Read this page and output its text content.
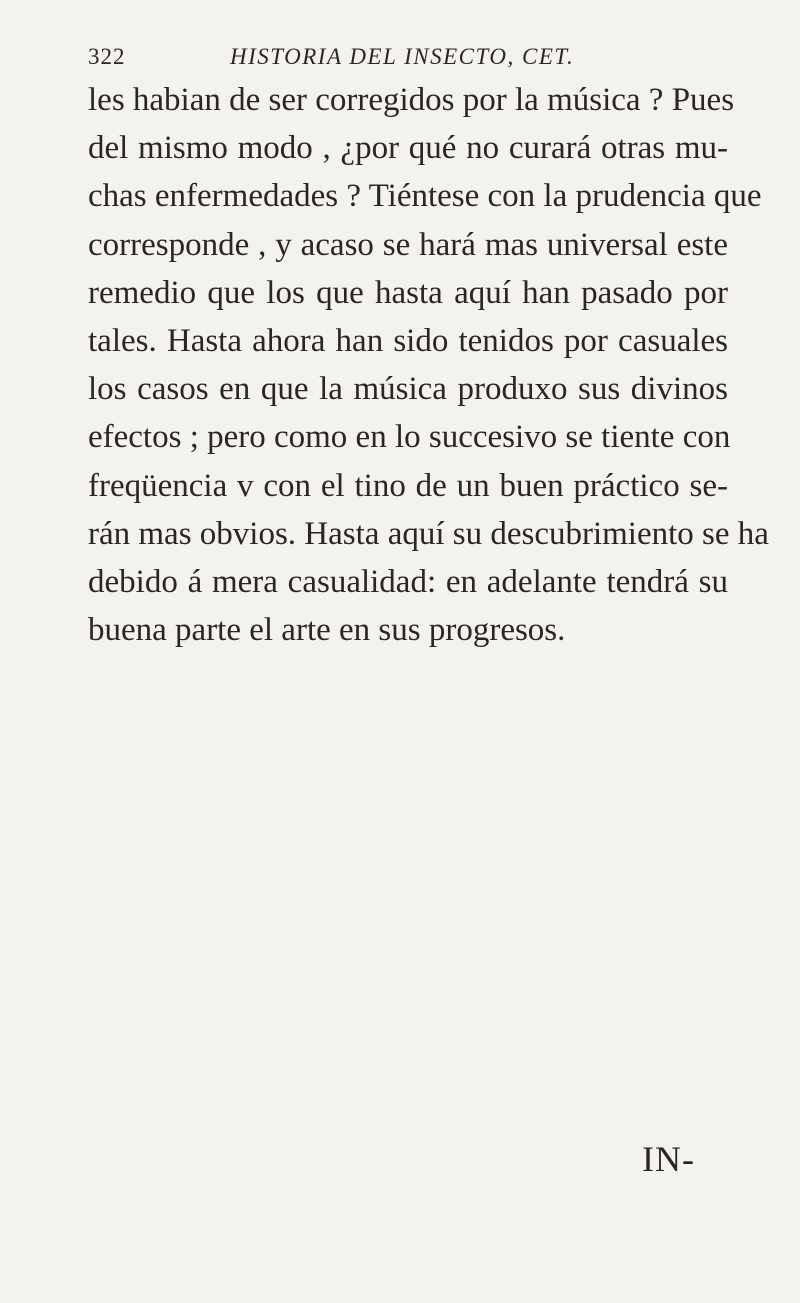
322	HISTORIA DEL INSECTO, CET.
les habian de ser corregidos por la música ? Pues
del mismo modo , ¿por qué no curará otras mu-
chas enfermedades ? Tiéntese con la prudencia que
corresponde , y acaso se hará mas universal este
remedio que los que hasta aquí han pasado por
tales. Hasta ahora han sido tenidos por casuales
los casos en que la música produxo sus divinos
efectos ; pero como en lo succesivo se tiente con
freqüencia v con el tino de un buen práctico se-
rán mas obvios. Hasta aquí su descubrimiento se ha
debido á mera casualidad: en adelante tendrá su
buena parte el arte en sus progresos.
IN-
